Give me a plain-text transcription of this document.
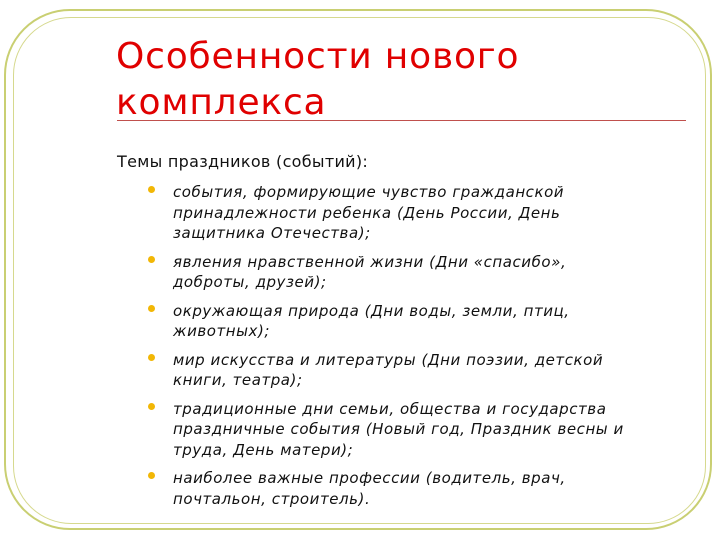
Особенности нового
комплекса

Темы праздников (событий):

события, формирующие чувство гражданской
принадлежности ребенка (День России, День
защитника Отечества);
явления нравственной жизни (Дни «спасибо»,
доброты, друзей);
окружающая природа (Дни воды, земли, птиц,
животных);
мир искусства и литературы (Дни поэзии, детской
книги, театра);
традиционные дни семьи, общества и государства
праздничные события (Новый год, Праздник весны и
труда, День матери);
наиболее важные профессии (водитель, врач,
почтальон, строитель).
